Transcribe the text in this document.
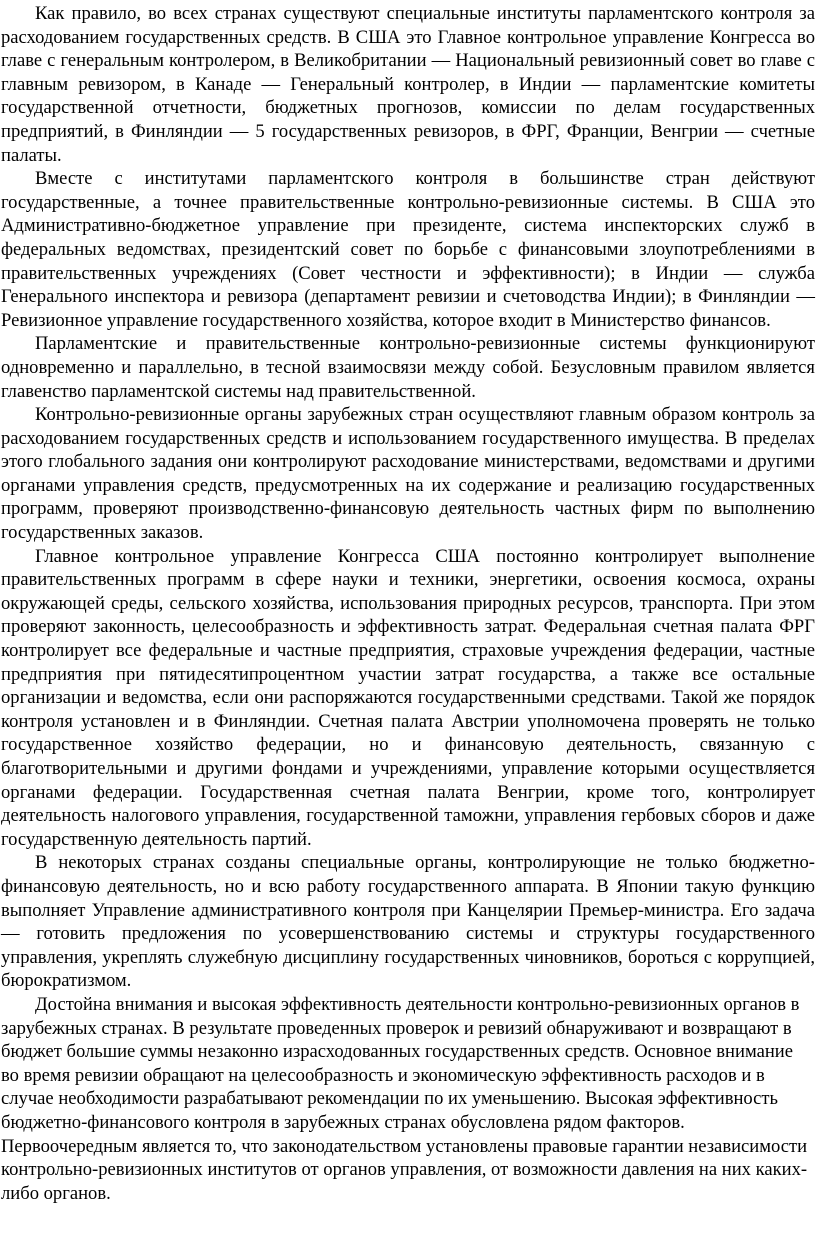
Как правило, во всех странах существуют специальные институты парламентского контроля за расходованием государственных средств. В США это Главное контрольное управление Конгресса во главе с генеральным контролером, в Великобритании — Национальный ревизионный совет во главе с главным ревизором, в Канаде — Генеральный контролер, в Индии — парламентские комитеты государственной отчетности, бюджетных прогнозов, комиссии по делам государственных предприятий, в Финляндии — 5 государственных ревизоров, в ФРГ, Франции, Венгрии — счетные палаты.

Вместе с институтами парламентского контроля в большинстве стран действуют государственные, а точнее правительственные контрольно-ревизионные системы. В США это Административно-бюджетное управление при президенте, система инспекторских служб в федеральных ведомствах, президентский совет по борьбе с финансовыми злоупотреблениями в правительственных учреждениях (Совет честности и эффективности); в Индии — служба Генерального инспектора и ревизора (департамент ревизии и счетоводства Индии); в Финляндии — Ревизионное управление государственного хозяйства, которое входит в Министерство финансов.

Парламентские и правительственные контрольно-ревизионные системы функционируют одновременно и параллельно, в тесной взаимосвязи между собой. Безусловным правилом является главенство парламентской системы над правительственной.

Контрольно-ревизионные органы зарубежных стран осуществляют главным образом контроль за расходованием государственных средств и использованием государственного имущества. В пределах этого глобального задания они контролируют расходование министерствами, ведомствами и другими органами управления средств, предусмотренных на их содержание и реализацию государственных программ, проверяют производственно-финансовую деятельность частных фирм по выполнению государственных заказов.

Главное контрольное управление Конгресса США постоянно контролирует выполнение правительственных программ в сфере науки и техники, энергетики, освоения космоса, охраны окружающей среды, сельского хозяйства, использования природных ресурсов, транспорта. При этом проверяют законность, целесообразность и эффективность затрат. Федеральная счетная палата ФРГ контролирует все федеральные и частные предприятия, страховые учреждения федерации, частные предприятия при пятидесятипроцентном участии затрат государства, а также все остальные организации и ведомства, если они распоряжаются государственными средствами. Такой же порядок контроля установлен и в Финляндии. Счетная палата Австрии уполномочена проверять не только государственное хозяйство федерации, но и финансовую деятельность, связанную с благотворительными и другими фондами и учреждениями, управление которыми осуществляется органами федерации. Государственная счетная палата Венгрии, кроме того, контролирует деятельность налогового управления, государственной таможни, управления гербовых сборов и даже государственную деятельность партий.

В некоторых странах созданы специальные органы, контролирующие не только бюджетно-финансовую деятельность, но и всю работу государственного аппарата. В Японии такую функцию выполняет Управление административного контроля при Канцелярии Премьер-министра. Его задача — готовить предложения по усовершенствованию системы и структуры государственного управления, укреплять служебную дисциплину государственных чиновников, бороться с коррупцией, бюрократизмом.

Достойна внимания и высокая эффективность деятельности контрольно-ревизионных органов в зарубежных странах. В результате проведенных проверок и ревизий обнаруживают и возвращают в бюджет большие суммы незаконно израсходованных государственных средств. Основное внимание во время ревизии обращают на целесообразность и экономическую эффективность расходов и в случае необходимости разрабатывают рекомендации по их уменьшению. Высокая эффективность бюджетно-финансового контроля в зарубежных странах обусловлена рядом факторов. Первоочередным является то, что законодательством установлены правовые гарантии независимости контрольно-ревизионных институтов от органов управления, от возможности давления на них каких-либо органов.
